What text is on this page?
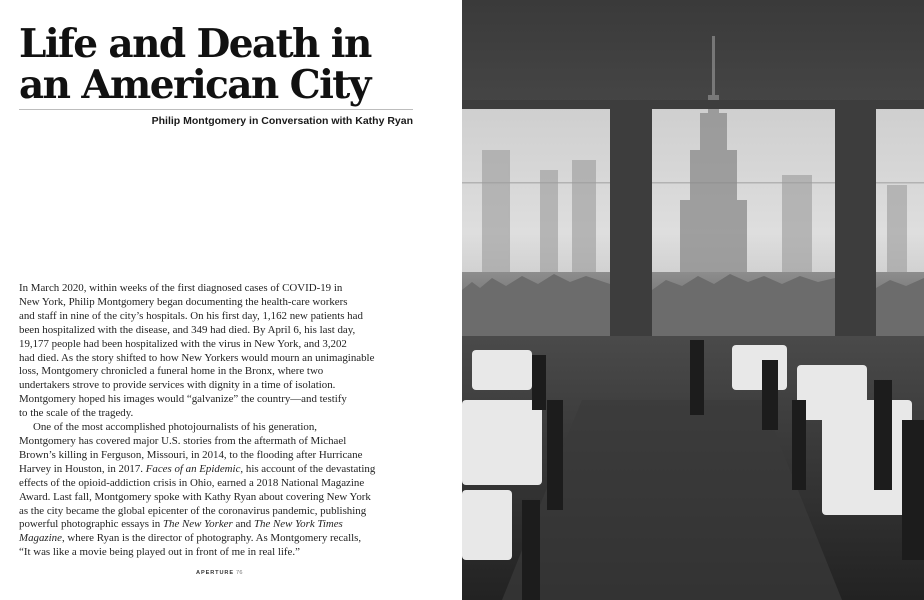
Life and Death in
an American City
Philip Montgomery in Conversation with Kathy Ryan
In March 2020, within weeks of the first diagnosed cases of COVID-19 in
New York, Philip Montgomery began documenting the health-care workers
and staff in nine of the city’s hospitals. On his first day, 1,162 new patients had
been hospitalized with the disease, and 349 had died. By April 6, his last day,
19,177 people had been hospitalized with the virus in New York, and 3,202
had died. As the story shifted to how New Yorkers would mourn an unimaginable
loss, Montgomery chronicled a funeral home in the Bronx, where two
undertakers strove to provide services with dignity in a time of isolation.
Montgomery hoped his images would “galvanize” the country—and testify
to the scale of the tragedy.
One of the most accomplished photojournalists of his generation,
Montgomery has covered major U.S. stories from the aftermath of Michael
Brown’s killing in Ferguson, Missouri, in 2014, to the flooding after Hurricane
Harvey in Houston, in 2017. Faces of an Epidemic, his account of the devastating
effects of the opioid-addiction crisis in Ohio, earned a 2018 National Magazine
Award. Last fall, Montgomery spoke with Kathy Ryan about covering New York
as the city became the global epicenter of the coronavirus pandemic, publishing
powerful photographic essays in The New Yorker and The New York Times
Magazine, where Ryan is the director of photography. As Montgomery recalls,
“It was like a movie being played out in front of me in real life.”
APERTURE 76
